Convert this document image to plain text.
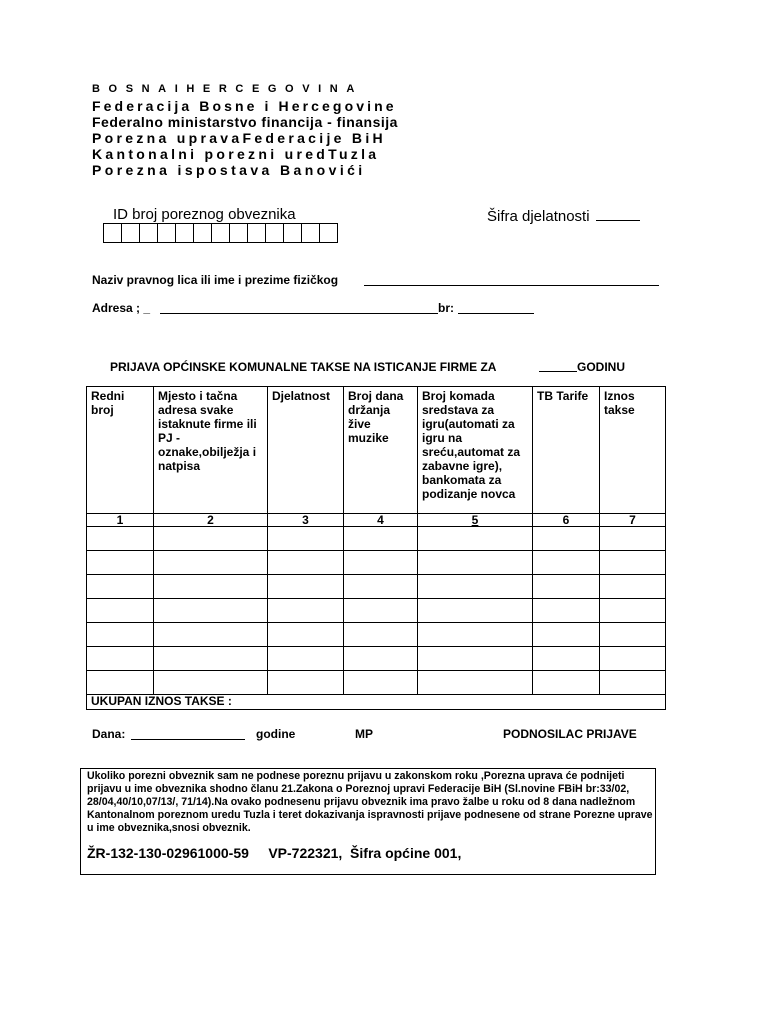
BOSNAIHERCEGOVINA
Federacija Bosne i Hercegovine
Federalno ministarstvo financija - finansija
Porezna upravaFederacije BiH
Kantonalni porezni uredTuzla
Porezna ispostava Banovići
ID broj poreznog obveznika	Šifra djelatnosti
Naziv pravnog lica ili ime i prezime fizičkog
Adresa ; _	br:
PRIJAVA OPĆINSKE KOMUNALNE TAKSE NA ISTICANJE FIRME ZA	GODINU
Redni broj	Mjesto i tačna adresa svake istaknute firme ili PJ - oznake,obilježja i natpisa	Djelatnost	Broj dana držanja žive muzike	Broj komada sredstava za igru(automati za igru na sreću,automat za zabavne igre), bankomata za podizanje novca	TB Tarife	Iznos takse
1	2	3	4	5	6	7

UKUPAN IZNOS TAKSE :						
Dana:	godine	MP	PODNOSILAC PRIJAVE
Ukoliko porezni obveznik sam ne podnese poreznu prijavu u zakonskom roku ,Porezna uprava će podnijeti prijavu u ime obveznika shodno članu 21.Zakona o Poreznoj upravi Federacije BiH (Sl.novine FBiH br:33/02, 28/04,40/10,07/13/, 71/14).Na ovako podnesenu prijavu obveznik ima pravo žalbe u roku od 8 dana nadležnom Kantonalnom poreznom uredu Tuzla i teret dokazivanja ispravnosti prijave podnesene od strane Porezne uprave u ime obveznika,snosi obveznik.
ŽR-132-130-02961000-59     VP-722321,  Šifra općine 001,
